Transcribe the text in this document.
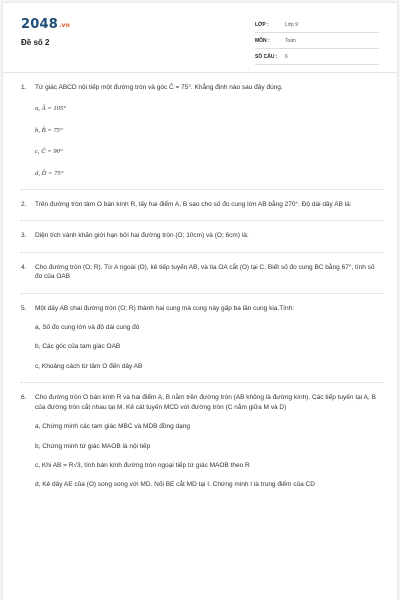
2048.vn
Đề số 2
LỚP :	Lớp 9
MÔN :	Toán
SỐ CÂU :	6
1.	Tứ giác ABCD nội tiếp một đường tròn và góc Ĉ = 75°. Khẳng định nào sau đây đúng.
a, Â = 105°
b, B̂ = 75°
c, Ĉ = 90°
d, D̂ = 75°
2.	Trên đường tròn tâm O bán kính R, lấy hai điểm A, B sao cho số đo cung lớn AB bằng 270°. Độ dài dây AB là:
3.	Diện tích vành khăn giới hạn bởi hai đường tròn (O; 10cm) và (O; 6cm) là:
4.	Cho đường tròn (O; R). Từ A ngoài (O), kẻ tiếp tuyến AB, và tia OA cắt (O) tại C. Biết số đo cung BC bằng 67°, tính số đo của OAB
5.	Một dây AB chai đường tròn (O; R) thành hai cung mà cung này gấp ba lần cung kia.Tính:
a, Số đo cung lớn và độ dài cung đó
b, Các góc của tam giác OAB
c, Khoảng cách từ tâm O đến dây AB
6.	Cho đường tròn O bán kính R và hai điểm A, B nằm trên đường tròn (AB không là đường kính). Các tiếp tuyến tại A, B của đường tròn cắt nhau tại M. Kẻ cát tuyến MCD với đường tròn (C nằm giữa M và D)
a, Chứng minh các tam giác MBC và MDB đồng dạng
b, Chứng minh tứ giác MAOB là nội tiếp
c, Khi AB = R√3, tính bán kính đường tròn ngoại tiếp tứ giác MAOB theo R
d, Kẻ dây AE của (O) song song với MD. Nối BE cắt MD tại I. Chứng minh I là trung điểm của CD
